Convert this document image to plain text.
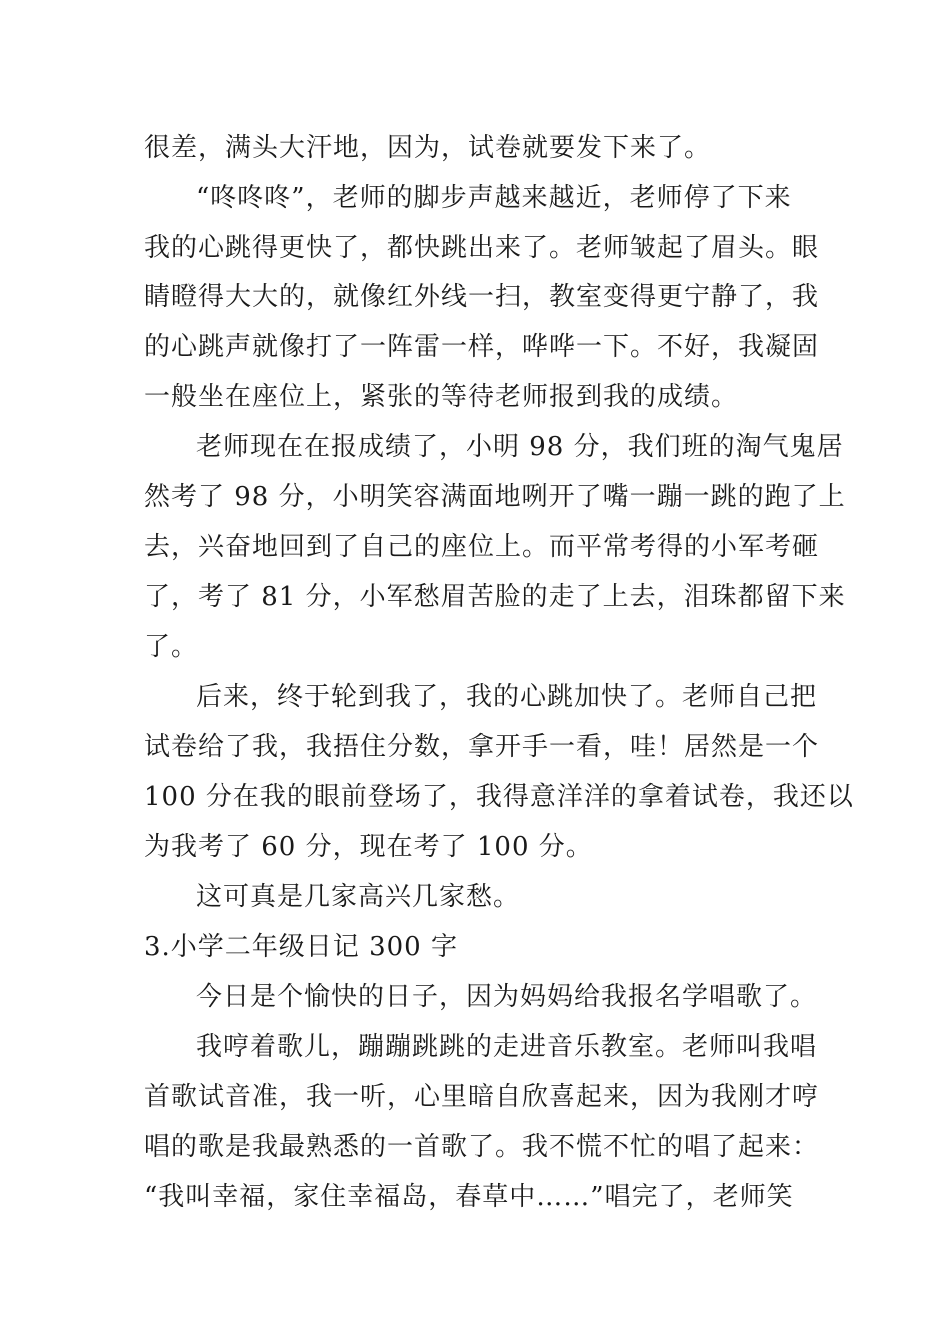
很差，满头大汗地，因为，试卷就要发下来了。
“咚咚咚”，老师的脚步声越来越近，老师停了下来
我的心跳得更快了，都快跳出来了。老师皱起了眉头。眼
睛瞪得大大的，就像红外线一扫，教室变得更宁静了，我
的心跳声就像打了一阵雷一样，哗哗一下。不好，我凝固
一般坐在座位上，紧张的等待老师报到我的成绩。
老师现在在报成绩了，小明 98 分，我们班的淘气鬼居
然考了 98 分，小明笑容满面地咧开了嘴一蹦一跳的跑了上
去，兴奋地回到了自己的座位上。而平常考得的小军考砸
了，考了 81 分，小军愁眉苦脸的走了上去，泪珠都留下来
了。
后来，终于轮到我了，我的心跳加快了。老师自己把
试卷给了我，我捂住分数，拿开手一看，哇！居然是一个
100 分在我的眼前登场了，我得意洋洋的拿着试卷，我还以
为我考了 60 分，现在考了 100 分。
这可真是几家高兴几家愁。
3.小学二年级日记 300 字
今日是个愉快的日子，因为妈妈给我报名学唱歌了。
我哼着歌儿，蹦蹦跳跳的走进音乐教室。老师叫我唱
首歌试音准，我一听，心里暗自欣喜起来，因为我刚才哼
唱的歌是我最熟悉的一首歌了。我不慌不忙的唱了起来：
“我叫幸福，家住幸福岛，春草中……”唱完了，老师笑
